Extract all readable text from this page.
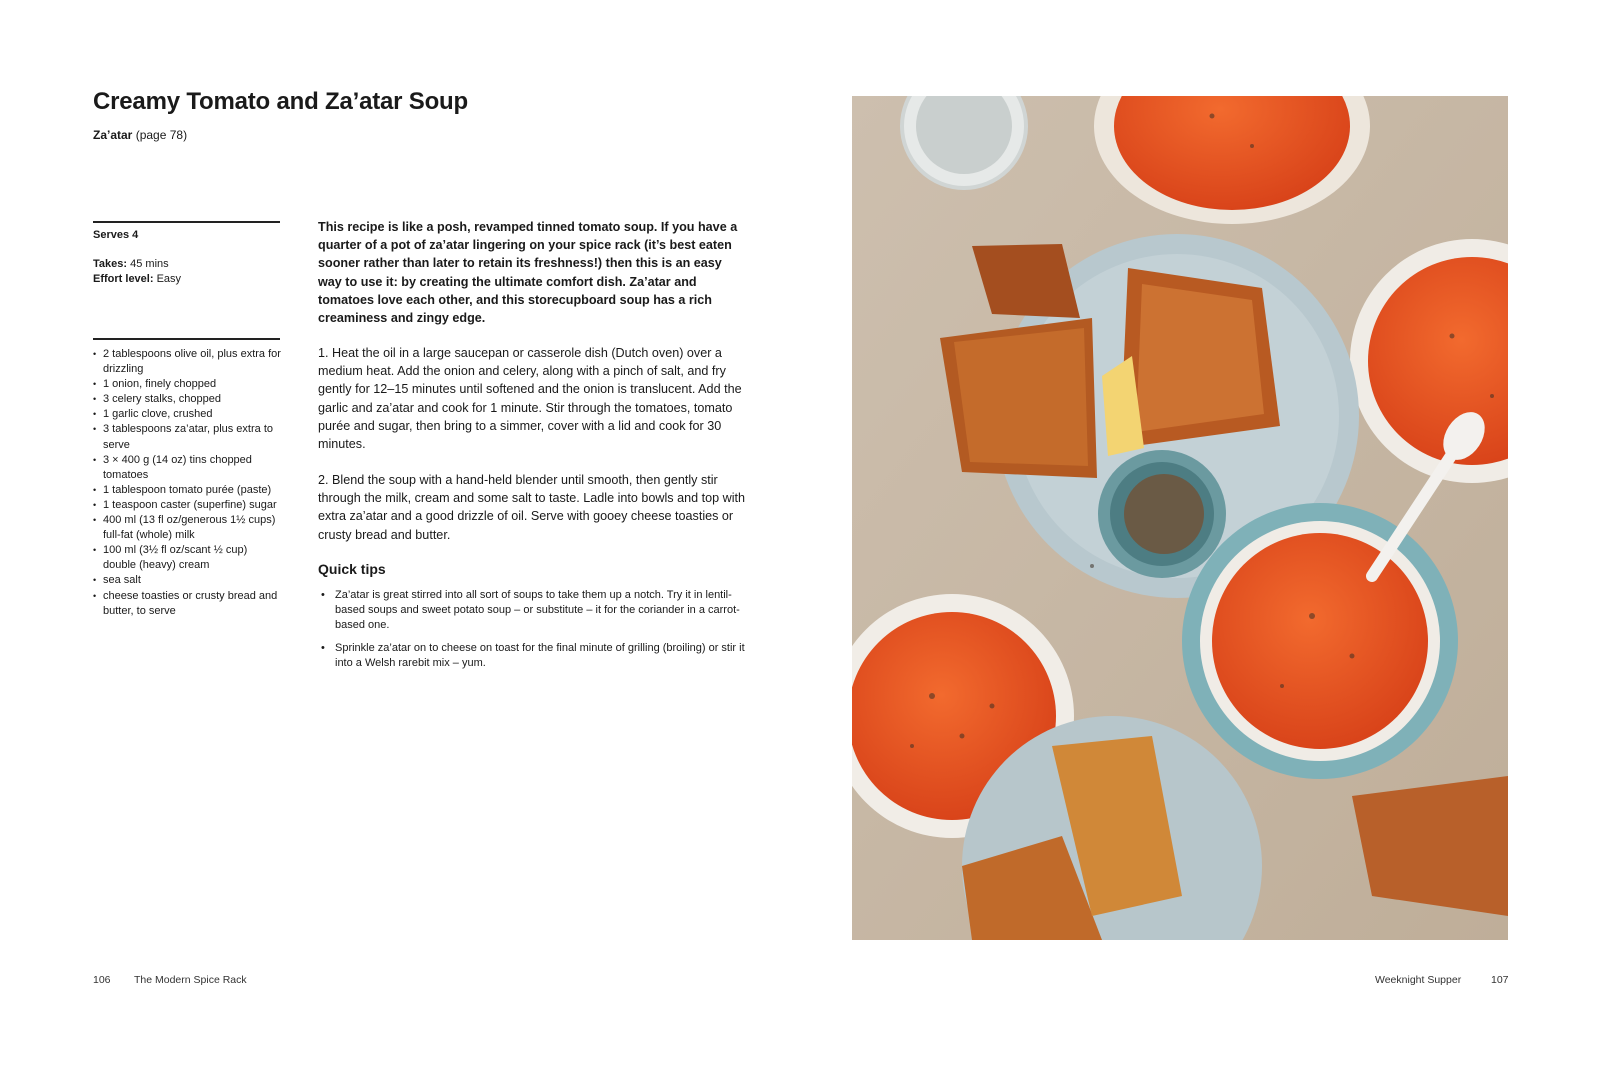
Creamy Tomato and Za’atar Soup
Za’atar (page 78)
Serves 4
Takes: 45 mins
Effort level: Easy
• 2 tablespoons olive oil, plus extra for drizzling
• 1 onion, finely chopped
• 3 celery stalks, chopped
• 1 garlic clove, crushed
• 3 tablespoons za’atar, plus extra to serve
• 3 × 400 g (14 oz) tins chopped tomatoes
• 1 tablespoon tomato purée (paste)
• 1 teaspoon caster (superfine) sugar
• 400 ml (13 fl oz/generous 1½ cups) full-fat (whole) milk
• 100 ml (3½ fl oz/scant ½ cup) double (heavy) cream
• sea salt
• cheese toasties or crusty bread and butter, to serve

This recipe is like a posh, revamped tinned tomato soup. If you have a quarter of a pot of za’atar lingering on your spice rack (it’s best eaten sooner rather than later to retain its freshness!) then this is an easy way to use it: by creating the ultimate comfort dish. Za’atar and tomatoes love each other, and this storecupboard soup has a rich creaminess and zingy edge.

1. Heat the oil in a large saucepan or casserole dish (Dutch oven) over a medium heat. Add the onion and celery, along with a pinch of salt, and fry gently for 12–15 minutes until softened and the onion is translucent. Add the garlic and za’atar and cook for 1 minute. Stir through the tomatoes, tomato purée and sugar, then bring to a simmer, cover with a lid and cook for 30 minutes.

2. Blend the soup with a hand-held blender until smooth, then gently stir through the milk, cream and some salt to taste. Ladle into bowls and top with extra za’atar and a good drizzle of oil. Serve with gooey cheese toasties or crusty bread and butter.

Quick tips
• Za’atar is great stirred into all sort of soups to take them up a notch. Try it in lentil-based soups and sweet potato soup – or substitute – it for the coriander in a carrot-based one.
• Sprinkle za’atar on to cheese on toast for the final minute of grilling (broiling) or stir it into a Welsh rarebit mix – yum.
106 The Modern Spice Rack	Weeknight Supper	107
